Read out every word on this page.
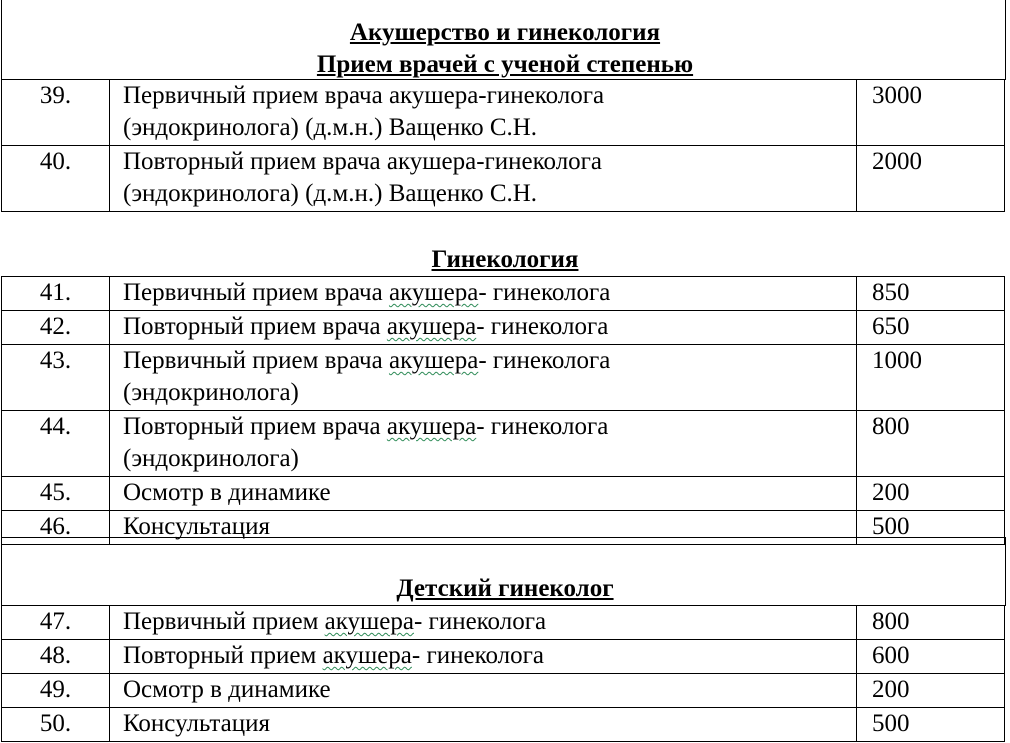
Акушерство и гинекология
Прием врачей с ученой степенью
39.	Первичный прием врача акушера-гинеколога
(эндокринолога) (д.м.н.) Ващенко С.Н.	3000
40.	Повторный прием врача акушера-гинеколога
(эндокринолога) (д.м.н.) Ващенко С.Н.	2000
Гинекология
41.	Первичный прием врача акушера- гинеколога	850
42.	Повторный прием врача акушера- гинеколога	650
43.	Первичный прием врача акушера- гинеколога
(эндокринолога)	1000
44.	Повторный прием врача акушера- гинеколога
(эндокринолога)	800
45.	Осмотр в динамике	200
46.	Консультация	500
Детский гинеколог
47.	Первичный прием акушера- гинеколога	800
48.	Повторный прием акушера- гинеколога	600
49.	Осмотр в динамике	200
50.	Консультация	500
